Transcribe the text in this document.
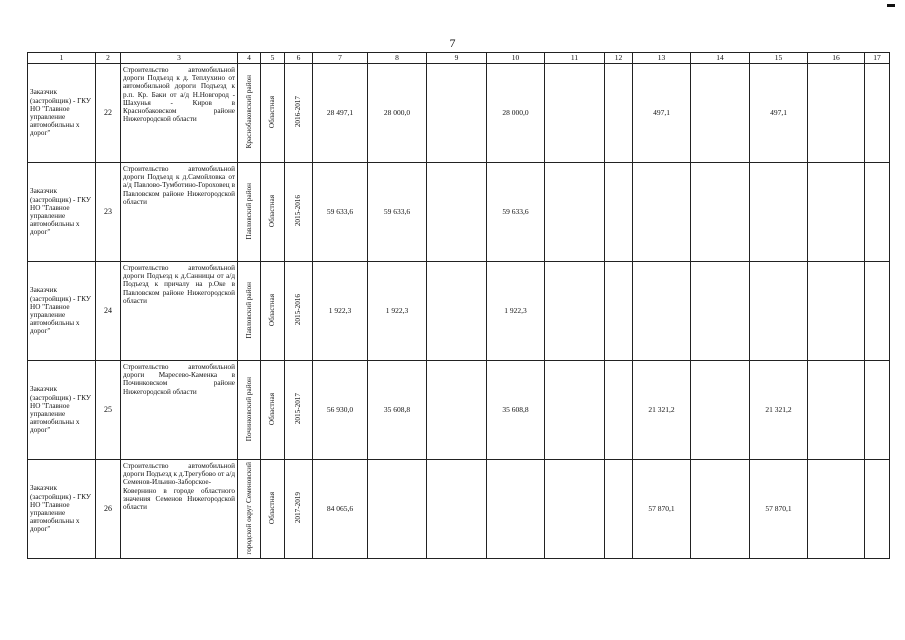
7
1	2	3	4	5	6	7	8	9	10	11	12	13	14	15	16	17

Заказчик (застройщик) - ГКУ НО "Главное управление автомобильны х дорог"	22	Строительство автомобильной дороги Подъезд к д. Теплухино от автомобильной дороги Подъезд к р.п. Кр. Баки от а/д Н.Новгород - Шахунья - Киров в Краснобаковском районе Нижегородской области	Краснобаковский район	Областная	2016-2017	28 497,1	28 000,0		28 000,0			497,1		497,1		

Заказчик (застройщик) - ГКУ НО "Главное управление автомобильны х дорог"	23	Строительство автомобильной дороги Подъезд к д.Самойловка от а/д Павлово-Тумботино-Гороховец в Павловском районе Нижегородской области	Павловский район	Областная	2015-2016	59 633,6	59 633,6		59 633,6							

Заказчик (застройщик) - ГКУ НО "Главное управление автомобильны х дорог"	24	Строительство автомобильной дороги Подъезд к д.Санницы от а/д Подъезд к причалу на р.Оке в Павловском районе Нижегородской области	Павловский район	Областная	2015-2016	1 922,3	1 922,3		1 922,3							

Заказчик (застройщик) - ГКУ НО "Главное управление автомобильны х дорог"	25	Строительство автомобильной дороги Маресево-Каменка в Починковском районе Нижегородской области	Починковский район	Областная	2015-2017	56 930,0	35 608,8		35 608,8			21 321,2		21 321,2		

Заказчик (застройщик) - ГКУ НО "Главное управление автомобильны х дорог"	26	Строительство автомобильной дороги Подъезд к д.Трегубово от а/д Семенов-Ильино-Заборское-Ковернино в городе областного значения Семенов Нижегородской области	городской округ Семеновский	Областная	2017-2019	84 065,6						57 870,1		57 870,1		
